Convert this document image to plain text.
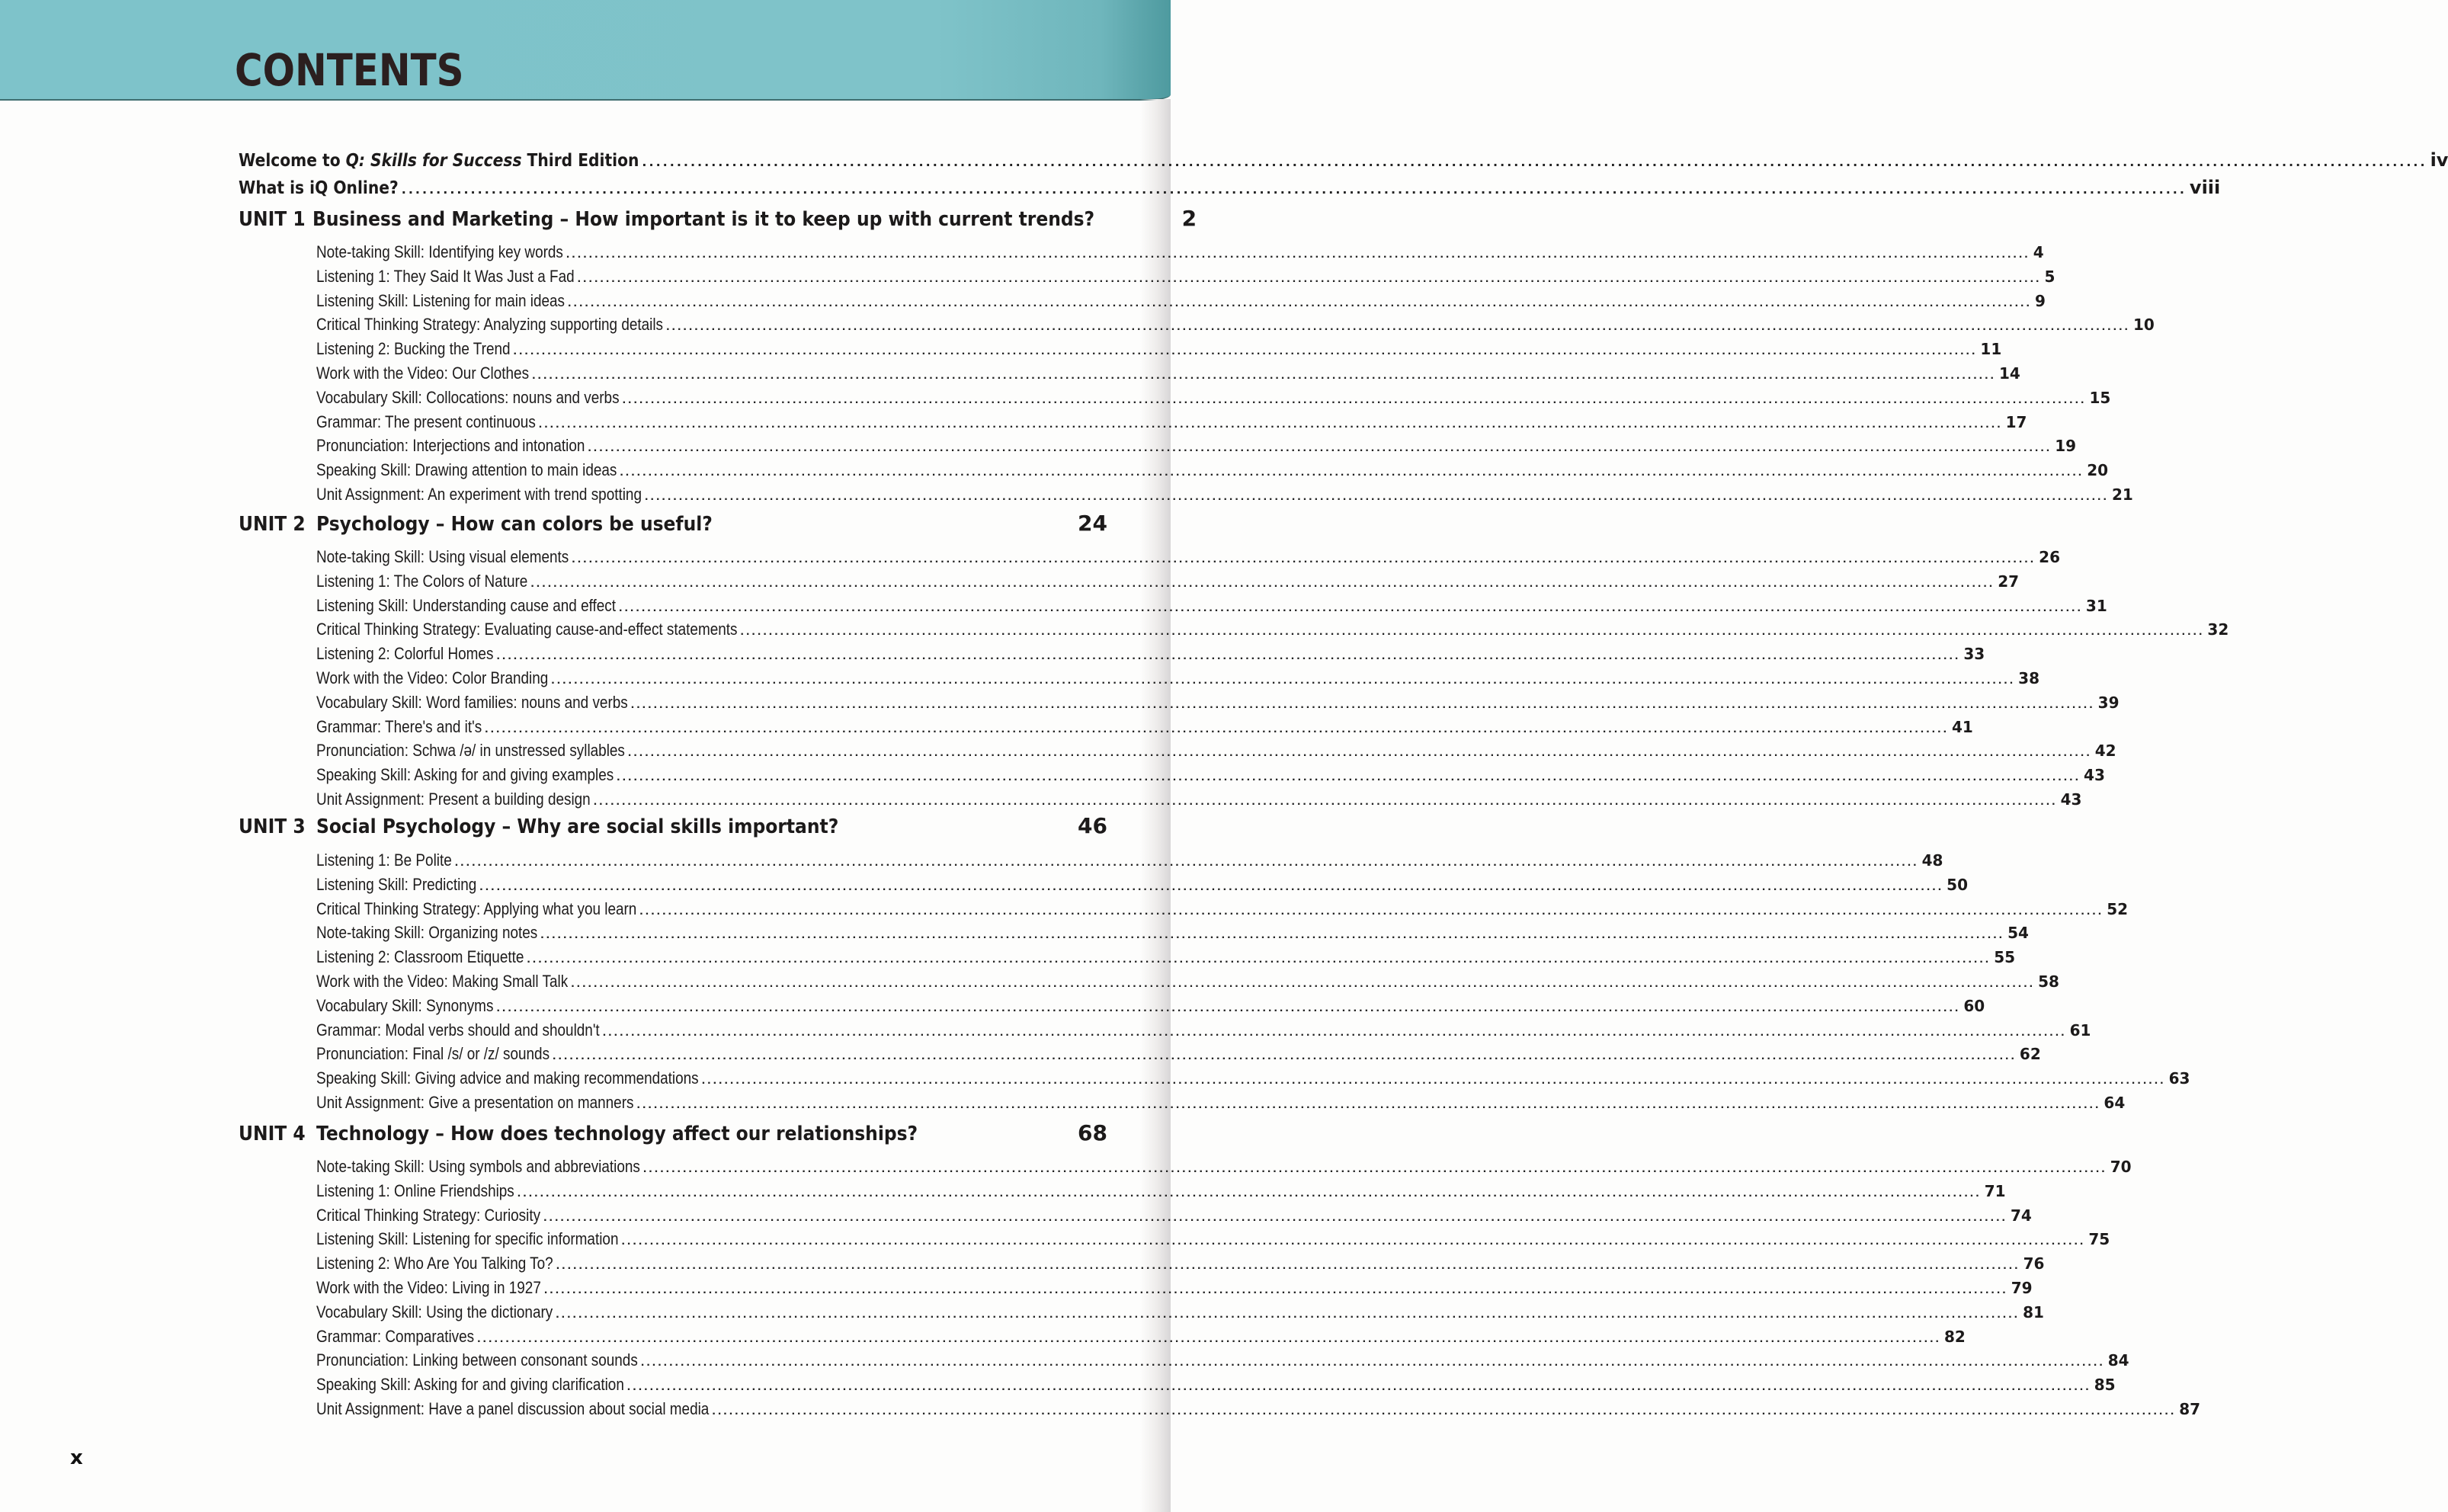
CONTENTS
Welcome to Q: Skills for Success Third Edition .....	iv
What is iQ Online? .....	viii
UNIT 1 Business and Marketing – How important is it to keep up with current trends?	2
Note-taking Skill: Identifying key words .....	4
Listening 1: They Said It Was Just a Fad .....	5
Listening Skill: Listening for main ideas .....	9
Critical Thinking Strategy: Analyzing supporting details .....	10
Listening 2: Bucking the Trend .....	11
Work with the Video: Our Clothes .....	14
Vocabulary Skill: Collocations: nouns and verbs .....	15
Grammar: The present continuous .....	17
Pronunciation: Interjections and intonation .....	19
Speaking Skill: Drawing attention to main ideas .....	20
Unit Assignment: An experiment with trend spotting .....	21
UNIT 2 Psychology – How can colors be useful?	24
Note-taking Skill: Using visual elements .....	26
Listening 1: The Colors of Nature .....	27
Listening Skill: Understanding cause and effect .....	31
Critical Thinking Strategy: Evaluating cause-and-effect statements .....	32
Listening 2: Colorful Homes .....	33
Work with the Video: Color Branding .....	38
Vocabulary Skill: Word families: nouns and verbs .....	39
Grammar: There's and it's .....	41
Pronunciation: Schwa /ə/ in unstressed syllables .....	42
Speaking Skill: Asking for and giving examples .....	43
Unit Assignment: Present a building design .....	43
UNIT 3 Social Psychology – Why are social skills important?	46
Listening 1: Be Polite .....	48
Listening Skill: Predicting .....	50
Critical Thinking Strategy: Applying what you learn .....	52
Note-taking Skill: Organizing notes .....	54
Listening 2: Classroom Etiquette .....	55
Work with the Video: Making Small Talk .....	58
Vocabulary Skill: Synonyms .....	60
Grammar: Modal verbs should and shouldn't .....	61
Pronunciation: Final /s/ or /z/ sounds .....	62
Speaking Skill: Giving advice and making recommendations .....	63
Unit Assignment: Give a presentation on manners .....	64
UNIT 4 Technology – How does technology affect our relationships?	68
Note-taking Skill: Using symbols and abbreviations .....	70
Listening 1: Online Friendships .....	71
Critical Thinking Strategy: Curiosity .....	74
Listening Skill: Listening for specific information .....	75
Listening 2: Who Are You Talking To? .....	76
Work with the Video: Living in 1927 .....	79
Vocabulary Skill: Using the dictionary .....	81
Grammar: Comparatives .....	82
Pronunciation: Linking between consonant sounds .....	84
Speaking Skill: Asking for and giving clarification .....	85
Unit Assignment: Have a panel discussion about social media .....	87
x
